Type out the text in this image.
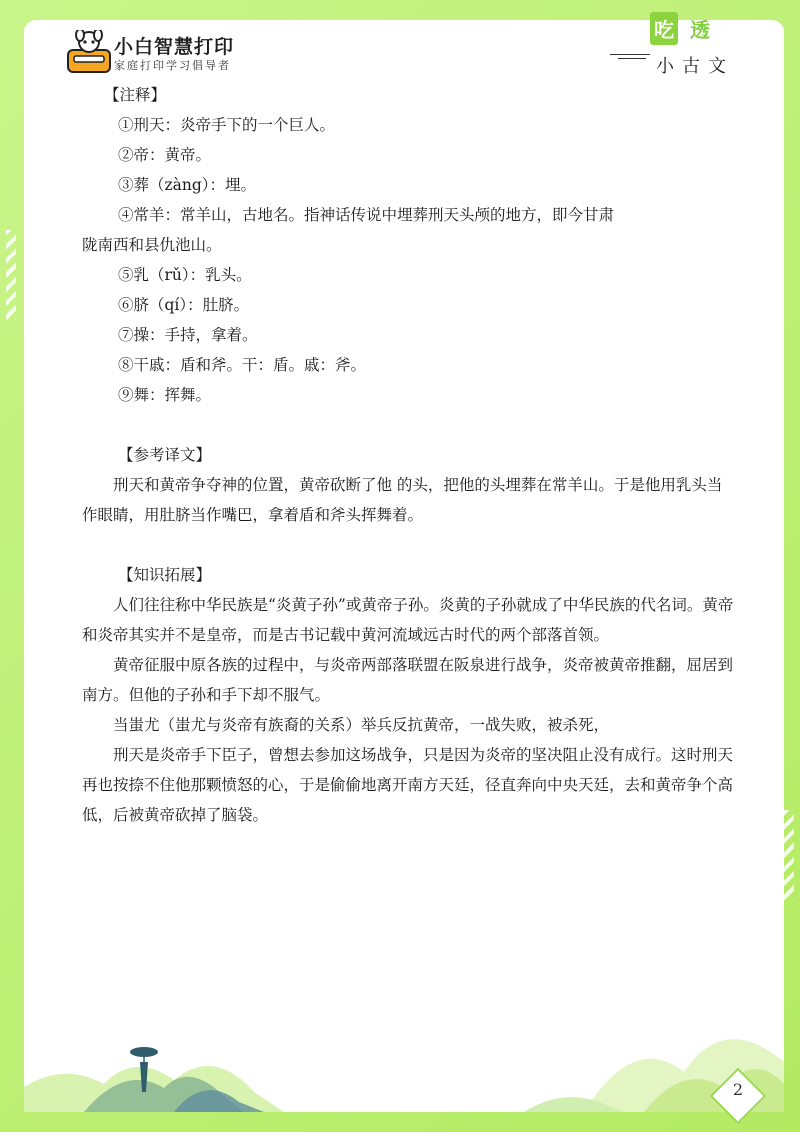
小白智慧打印
家庭打印学习倡导者
吃 透
小古文

【注释】

①刑天：炎帝手下的一个巨人。

②帝：黄帝。

③葬（zàng）：埋。

④常羊：常羊山，古地名。指神话传说中埋葬刑天头颅的地方，即今甘肃

陇南西和县仇池山。

⑤乳（rǔ）：乳头。

⑥脐（qí）：肚脐。

⑦操：手持，拿着。

⑧干戚：盾和斧。干：盾。戚：斧。

⑨舞：挥舞。

【参考译文】

刑天和黄帝争夺神的位置，黄帝砍断了他 的头，把他的头埋葬在常羊山。于是他用乳头当作眼睛，用肚脐当作嘴巴，拿着盾和斧头挥舞着。

【知识拓展】

人们往往称中华民族是“炎黄子孙”或黄帝子孙。炎黄的子孙就成了中华民族的代名词。黄帝和炎帝其实并不是皇帝，而是古书记载中黄河流域远古时代的两个部落首领。

黄帝征服中原各族的过程中，与炎帝两部落联盟在阪泉进行战争，炎帝被黄帝推翻，屈居到南方。但他的子孙和手下却不服气。

当蚩尤（蚩尤与炎帝有族裔的关系）举兵反抗黄帝，一战失败，被杀死，

刑天是炎帝手下臣子，曾想去参加这场战争，只是因为炎帝的坚决阻止没有成行。这时刑天再也按捺不住他那颗愤怒的心，于是偷偷地离开南方天廷，径直奔向中央天廷，去和黄帝争个高低，后被黄帝砍掉了脑袋。

2
